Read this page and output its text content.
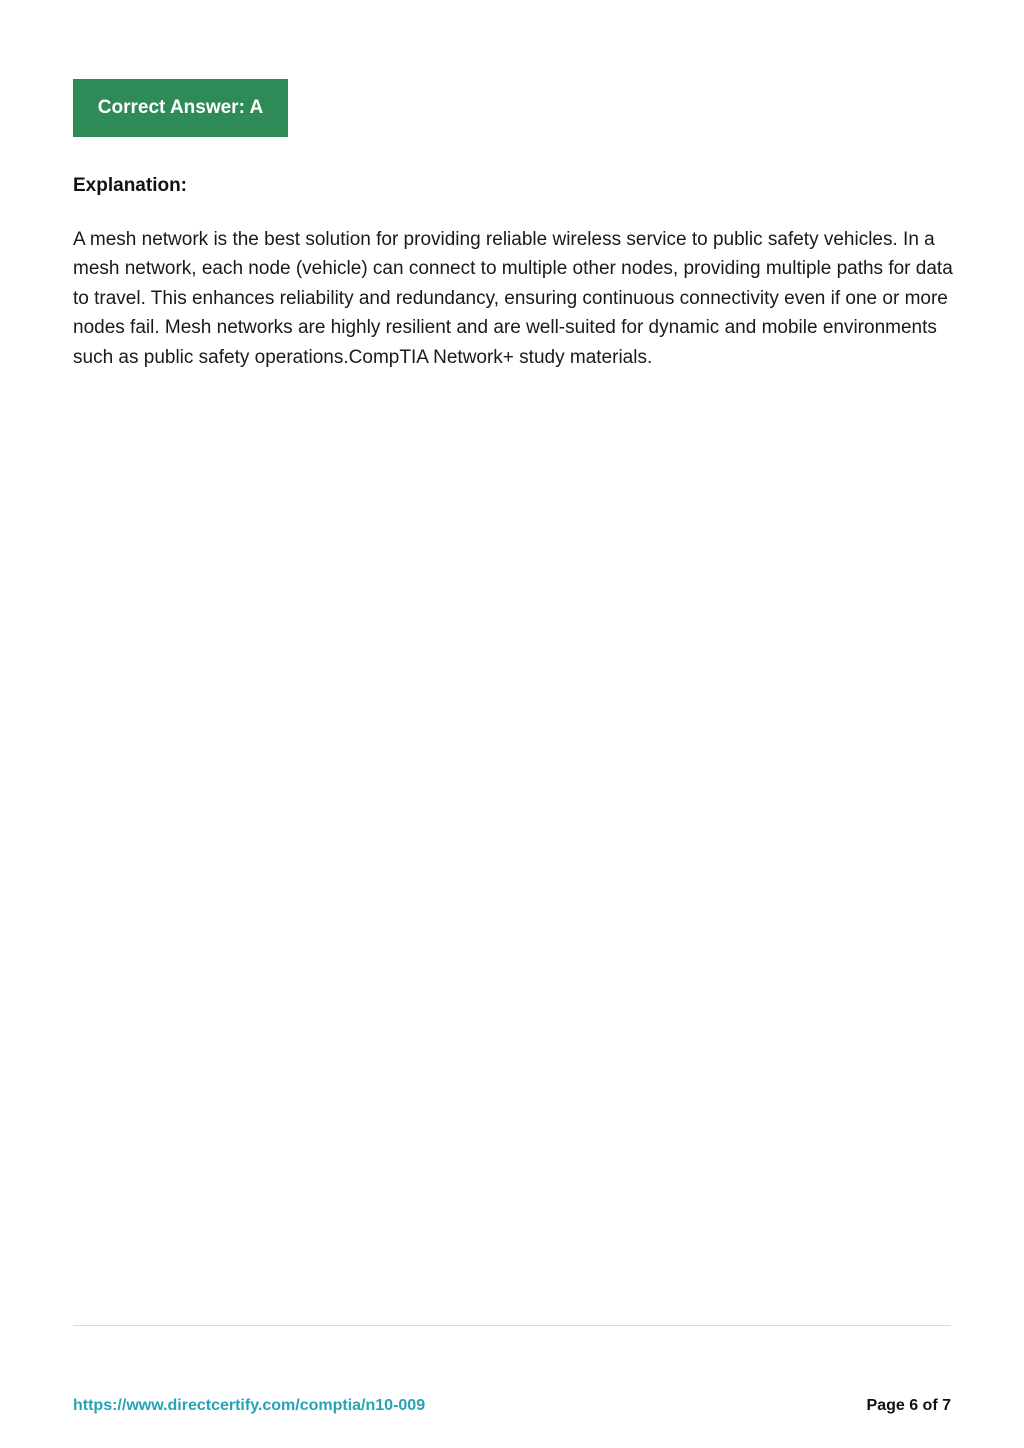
Correct Answer: A
Explanation:

A mesh network is the best solution for providing reliable wireless service to public safety vehicles. In a mesh network, each node (vehicle) can connect to multiple other nodes, providing multiple paths for data to travel. This enhances reliability and redundancy, ensuring continuous connectivity even if one or more nodes fail. Mesh networks are highly resilient and are well-suited for dynamic and mobile environments such as public safety operations.CompTIA Network+ study materials.

https://www.directcertify.com/comptia/n10-009	Page 6 of 7
